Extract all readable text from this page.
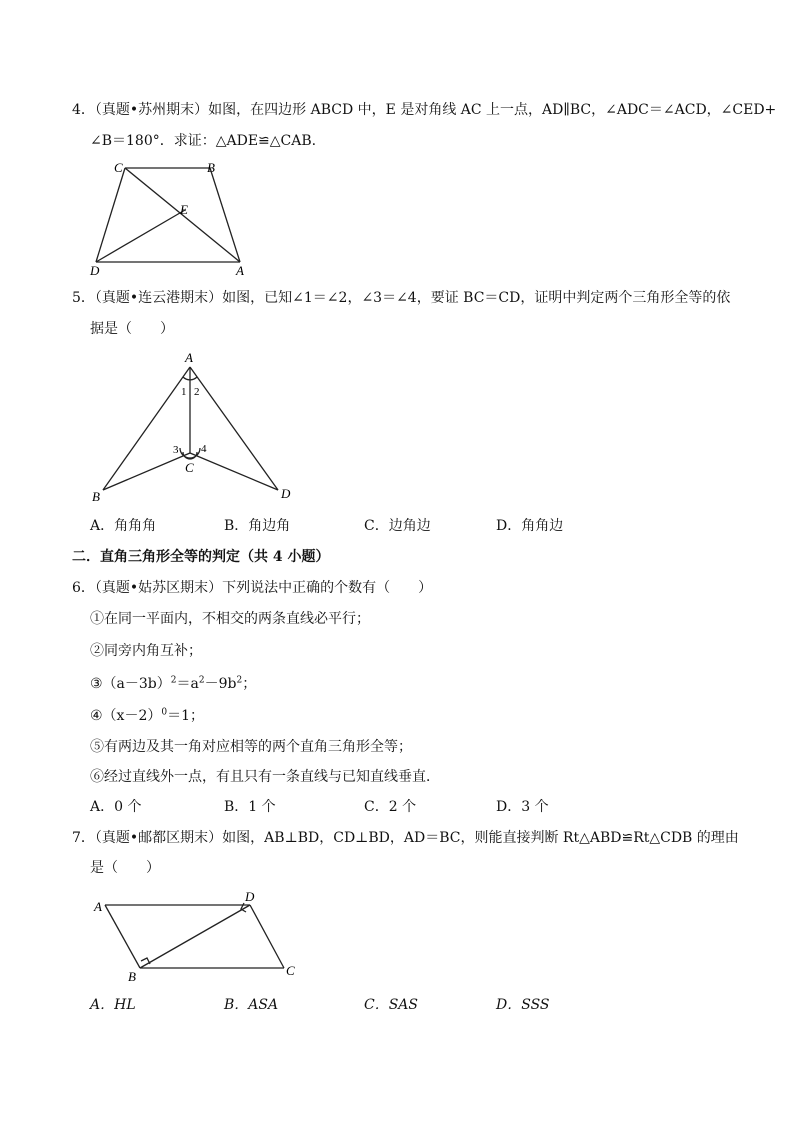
4．（真题•苏州期末）如图，在四边形 ABCD 中，E 是对角线 AC 上一点，AD∥BC，∠ADC＝∠ACD，∠CED+
∠B＝180°．求证：△ADE≌△CAB.
C	B
E
D	A
5．（真题•连云港期末）如图，已知∠1＝∠2，∠3＝∠4，要证 BC＝CD，证明中判定两个三角形全等的依
据是（　　）
A
1 2
3 4
C
B	D
A．角角角	B．角边角	C．边角边	D．角角边
二．直角三角形全等的判定（共 4 小题）
6．（真题•姑苏区期末）下列说法中正确的个数有（　　）
①在同一平面内，不相交的两条直线必平行；
②同旁内角互补；
$③(a-3b)^2=a^2-9b^2$；
$④(x-2)^0=1$；
⑤有两边及其一角对应相等的两个直角三角形全等；
⑥经过直线外一点，有且只有一条直线与已知直线垂直．
A．0 个	B．1 个	C．2 个	D．3 个
7．（真题•邮都区期末）如图，AB⊥BD，CD⊥BD，AD＝BC，则能直接判断 Rt△ABD≌Rt△CDB 的理由
是（　　）
A
D
B	C
A．HL	B．ASA	C．SAS	D．SSS
